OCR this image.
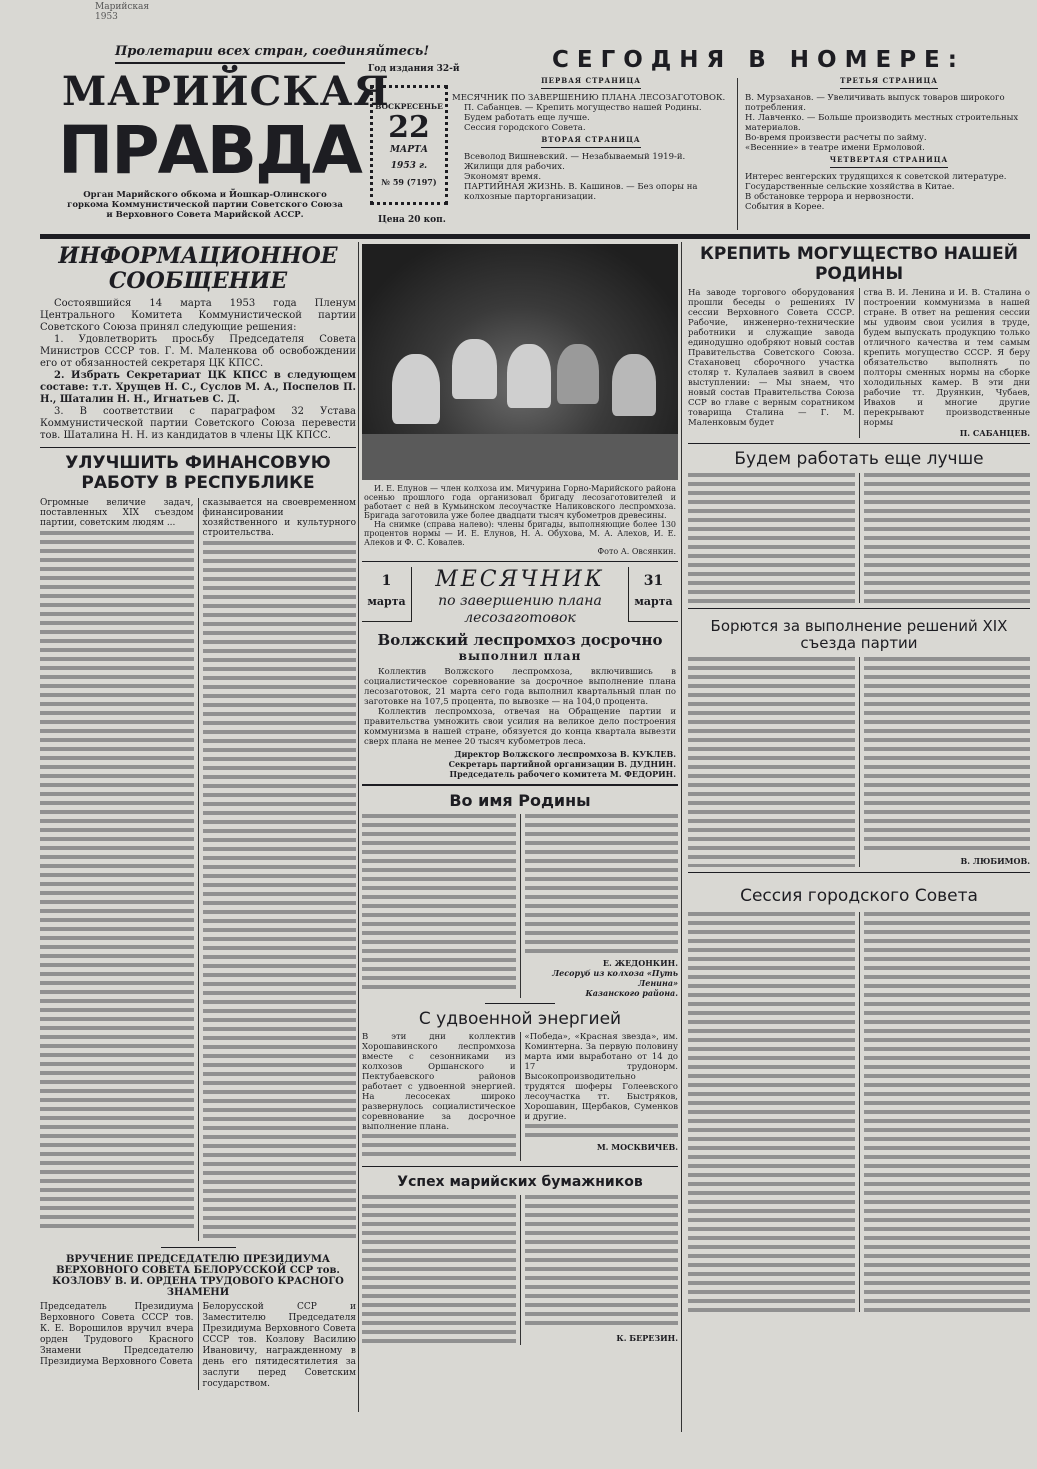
Марийская 1953
Пролетарии всех стран, соединяйтесь!
МАРИЙСКАЯ
ПРАВДА
Орган Марийского обкома и Йошкар-Олинского горкома Коммунистической партии Советского Союза и Верховного Совета Марийской АССР.
Год издания 32-й
ВОСКРЕСЕНЬЕ
22
МАРТА
1953 г.
№ 59 (7197)
Цена 20 коп.
СЕГОДНЯ В НОМЕРЕ:
ПЕРВАЯ СТРАНИЦА
МЕСЯЧНИК ПО ЗАВЕРШЕНИЮ ПЛАНА ЛЕСОЗАГОТОВОК.
П. Сабанцев. — Крепить могущество нашей Родины.
Будем работать еще лучше.
Сессия городского Совета.
ВТОРАЯ СТРАНИЦА
Всеволод Вишневский. — Незабываемый 1919-й.
Жилищи для рабочих.
Экономят время.
ПАРТИЙНАЯ ЖИЗНЬ. В. Кашинов. — Без опоры на колхозные парторганизации.
ТРЕТЬЯ СТРАНИЦА
В. Мурзаханов. — Увеличивать выпуск товаров широкого потребления.
Н. Лавченко. — Больше производить местных строительных материалов.
Во-время произвести расчеты по займу.
«Весенние» в театре имени Ермоловой.
ЧЕТВЕРТАЯ СТРАНИЦА
Интерес венгерских трудящихся к советской литературе.
Государственные сельские хозяйства в Китае.
В обстановке террора и нервозности.
События в Корее.
ИНФОРМАЦИОННОЕ СООБЩЕНИЕ

Состоявшийся 14 марта 1953 года Пленум Центрального Комитета Коммунистической партии Советского Союза принял следующие решения:

1. Удовлетворить просьбу Председателя Совета Министров СССР тов. Г. М. Маленкова об освобождении его от обязанностей секретаря ЦК КПСС.

2. Избрать Секретариат ЦК КПСС в следующем составе: т.т. Хрущев Н. С., Суслов М. А., Поспелов П. Н., Шаталин Н. Н., Игнатьев С. Д.

3. В соответствии с параграфом 32 Устава Коммунистической партии Советского Союза перевести тов. Шаталина Н. Н. из кандидатов в члены ЦК КПСС.

УЛУЧШИТЬ ФИНАНСОВУЮ РАБОТУ В РЕСПУБЛИКЕ
Огромные величие задач, поставленных XIX съездом партии, советским людям ...
сказывается на своевременном финансировании хозяйственного и культурного строительства.
ВРУЧЕНИЕ ПРЕДСЕДАТЕЛЮ ПРЕЗИДИУМА ВЕРХОВНОГО СОВЕТА БЕЛОРУССКОЙ ССР тов. КОЗЛОВУ В. И. ОРДЕНА ТРУДОВОГО КРАСНОГО ЗНАМЕНИ
Председатель Президиума Верховного Совета СССР тов. К. Е. Ворошилов вручил вчера орден Трудового Красного Знамени Председателю Президиума Верховного Совета
Белорусской ССР и Заместителю Председателя Президиума Верховного Совета СССР тов. Козлову Василию Ивановичу, награжденному в день его пятидесятилетия за заслуги перед Советским государством.

И. Е. Елунов — член колхоза им. Мичурина Горно-Марийского района осенью прошлого года организовал бригаду лесозаготовителей и работает с ней в Кумьинском лесоучастке Наликовского леспромхоза. Бригада заготовила уже более двадцати тысяч кубометров древесины.

На снимке (справа налево): члены бригады, выполняющие более 130 процентов нормы — И. Е. Елунов, Н. А. Обухова, М. А. Алехов, И. Е. Алеков и Ф. С. Ковалев.

Фото А. Овсянкин.

1
марта
МЕСЯЧНИК
по завершению плана лесозаготовок
31
марта
Волжский леспромхоз досрочно
выполнил план

Коллектив Волжского леспромхоза, включившись в социалистическое соревнование за досрочное выполнение плана лесозаготовок, 21 марта сего года выполнил квартальный план по заготовке на 107,5 процента, по вывозке — на 104,0 процента.

Коллектив леспромхоза, отвечая на Обращение партии и правительства умножить свои усилия на великое дело построения коммунизма в нашей стране, обязуется до конца квартала вывезти сверх плана не менее 20 тысяч кубометров леса.

Директор Волжского леспромхоза В. КУКЛЕВ.
Секретарь партийной организации В. ДУДНИН.
Председатель рабочего комитета М. ФЕДОРИН.
Во имя Родины
Е. ЖЕДОНКИН.
Лесоруб из колхоза «Путь Ленина»
Казанского района.
С удвоенной энергией
В эти дни коллектив Хорошавинского леспромхоза вместе с сезонниками из колхозов Оршанского и Пектубаевского районов работает с удвоенной энергией. На лесосеках широко развернулось социалистическое соревнование за досрочное выполнение плана.
«Победа», «Красная звезда», им. Коминтерна. За первую половину марта ими выработано от 14 до 17 трудонорм. Высокопроизводительно трудятся шоферы Голеевского лесоучастка тт. Быстряков, Хорошавин, Щербаков, Суменков и другие.
М. МОСКВИЧЕВ.
Успех марийских бумажников
К. БЕРЕЗИН.
КРЕПИТЬ МОГУЩЕСТВО НАШЕЙ РОДИНЫ
На заводе торгового оборудования прошли беседы о решениях IV сессии Верховного Совета СССР. Рабочие, инженерно-технические работники и служащие завода единодушно одобряют новый состав Правительства Советского Союза. Стахановец сборочного участка столяр т. Кулалаев заявил в своем выступлении: — Мы знаем, что новый состав Правительства Союза ССР во главе с верным соратником товарища Сталина — Г. М. Маленковым будет
ства В. И. Ленина и И. В. Сталина о построении коммунизма в нашей стране. В ответ на решения сессии мы удвоим свои усилия в труде, будем выпускать продукцию только отличного качества и тем самым крепить могущество СССР. Я беру обязательство выполнять по полторы сменных нормы на сборке холодильных камер. В эти дни рабочие тт. Друянкин, Чубаев, Ивахов и многие другие перекрывают производственные нормы
П. САБАНЦЕВ.
Будем работать еще лучше
Борются за выполнение решений XIX съезда партии
В. ЛЮБИМОВ.
Сессия городского Совета
